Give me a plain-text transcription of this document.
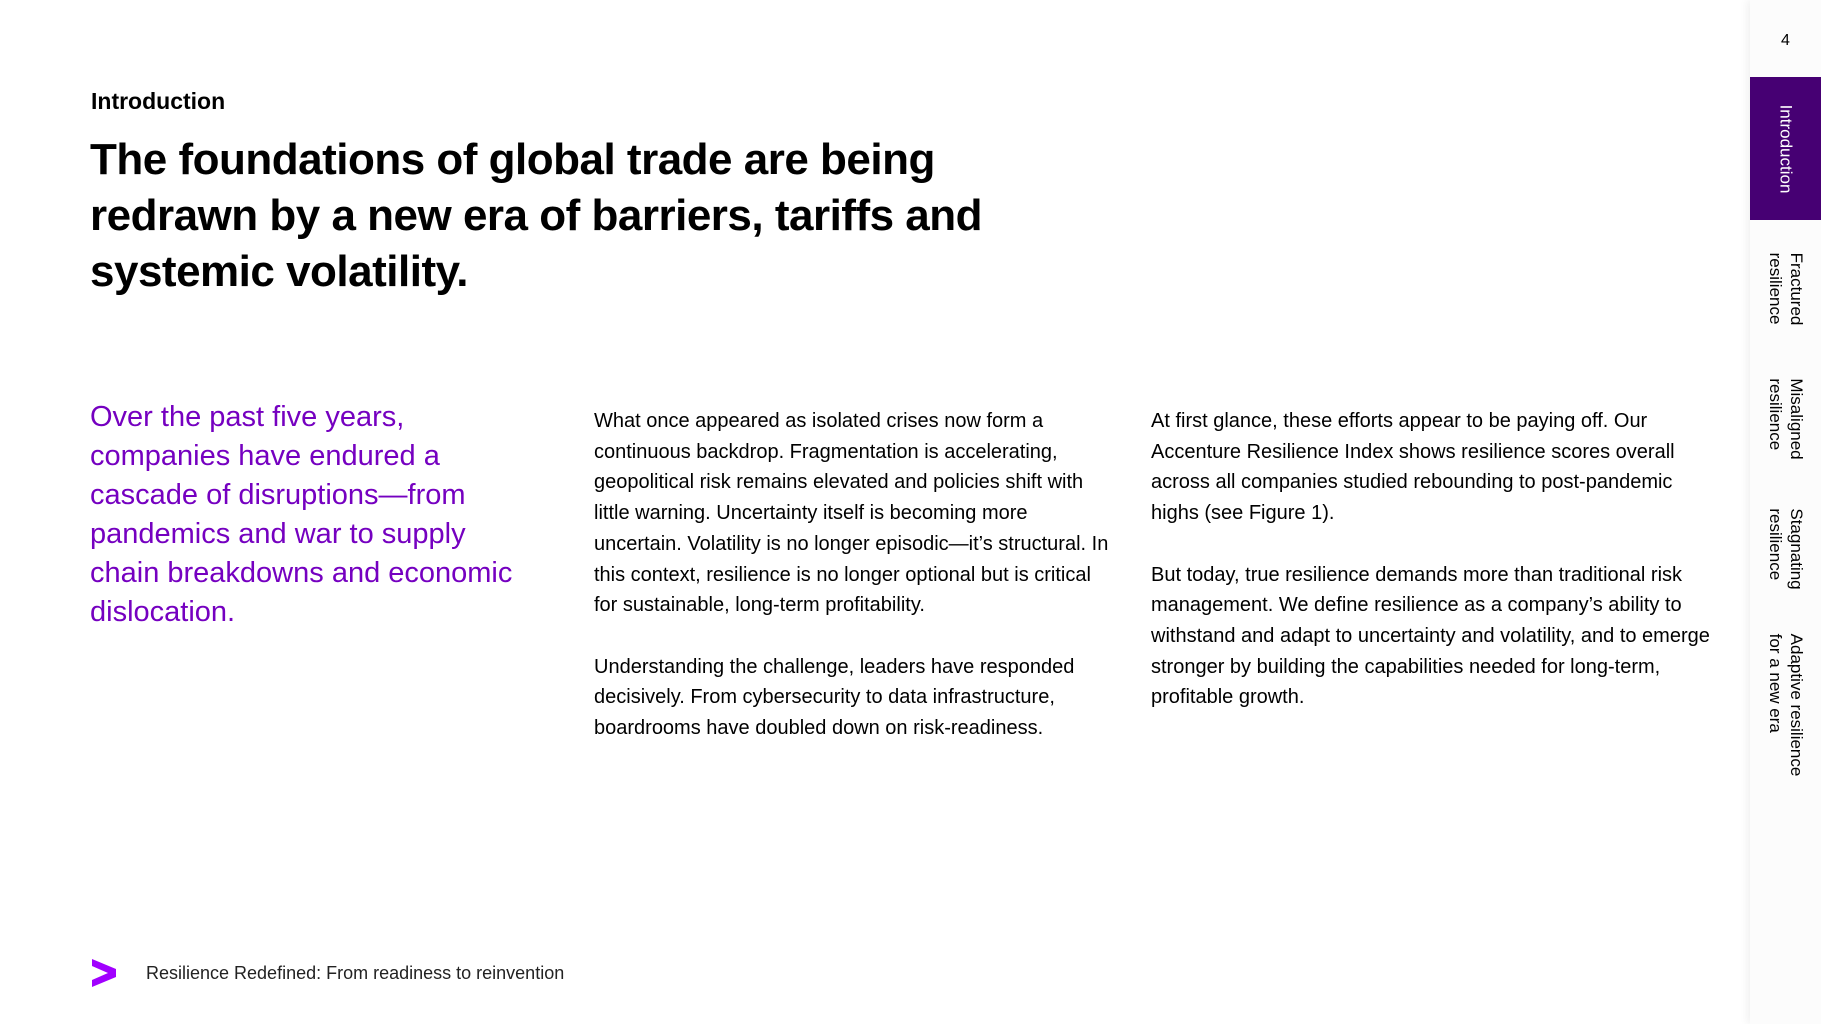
Introduction
The foundations of global trade are being redrawn by a new era of barriers, tariffs and systemic volatility.

Over the past five years, companies have endured a cascade of disruptions—from pandemics and war to supply chain breakdowns and economic dislocation.

What once appeared as isolated crises now form a continuous backdrop. Fragmentation is accelerating, geopolitical risk remains elevated and policies shift with little warning. Uncertainty itself is becoming more uncertain. Volatility is no longer episodic—it’s structural. In this context, resilience is no longer optional but is critical for sustainable, long-term profitability.

Understanding the challenge, leaders have responded decisively. From cybersecurity to data infrastructure, boardrooms have doubled down on risk-readiness.

At first glance, these efforts appear to be paying off. Our Accenture Resilience Index shows resilience scores overall across all companies studied rebounding to post-pandemic highs (see Figure 1).

But today, true resilience demands more than traditional risk management. We define resilience as a company’s ability to withstand and adapt to uncertainty and volatility, and to emerge stronger by building the capabilities needed for long-term, profitable growth.

Resilience Redefined: From readiness to reinvention
4
Introduction
Fractured
resilience
Misaligned
resilience
Stagnating
resilience
Adaptive resilience
for a new era
